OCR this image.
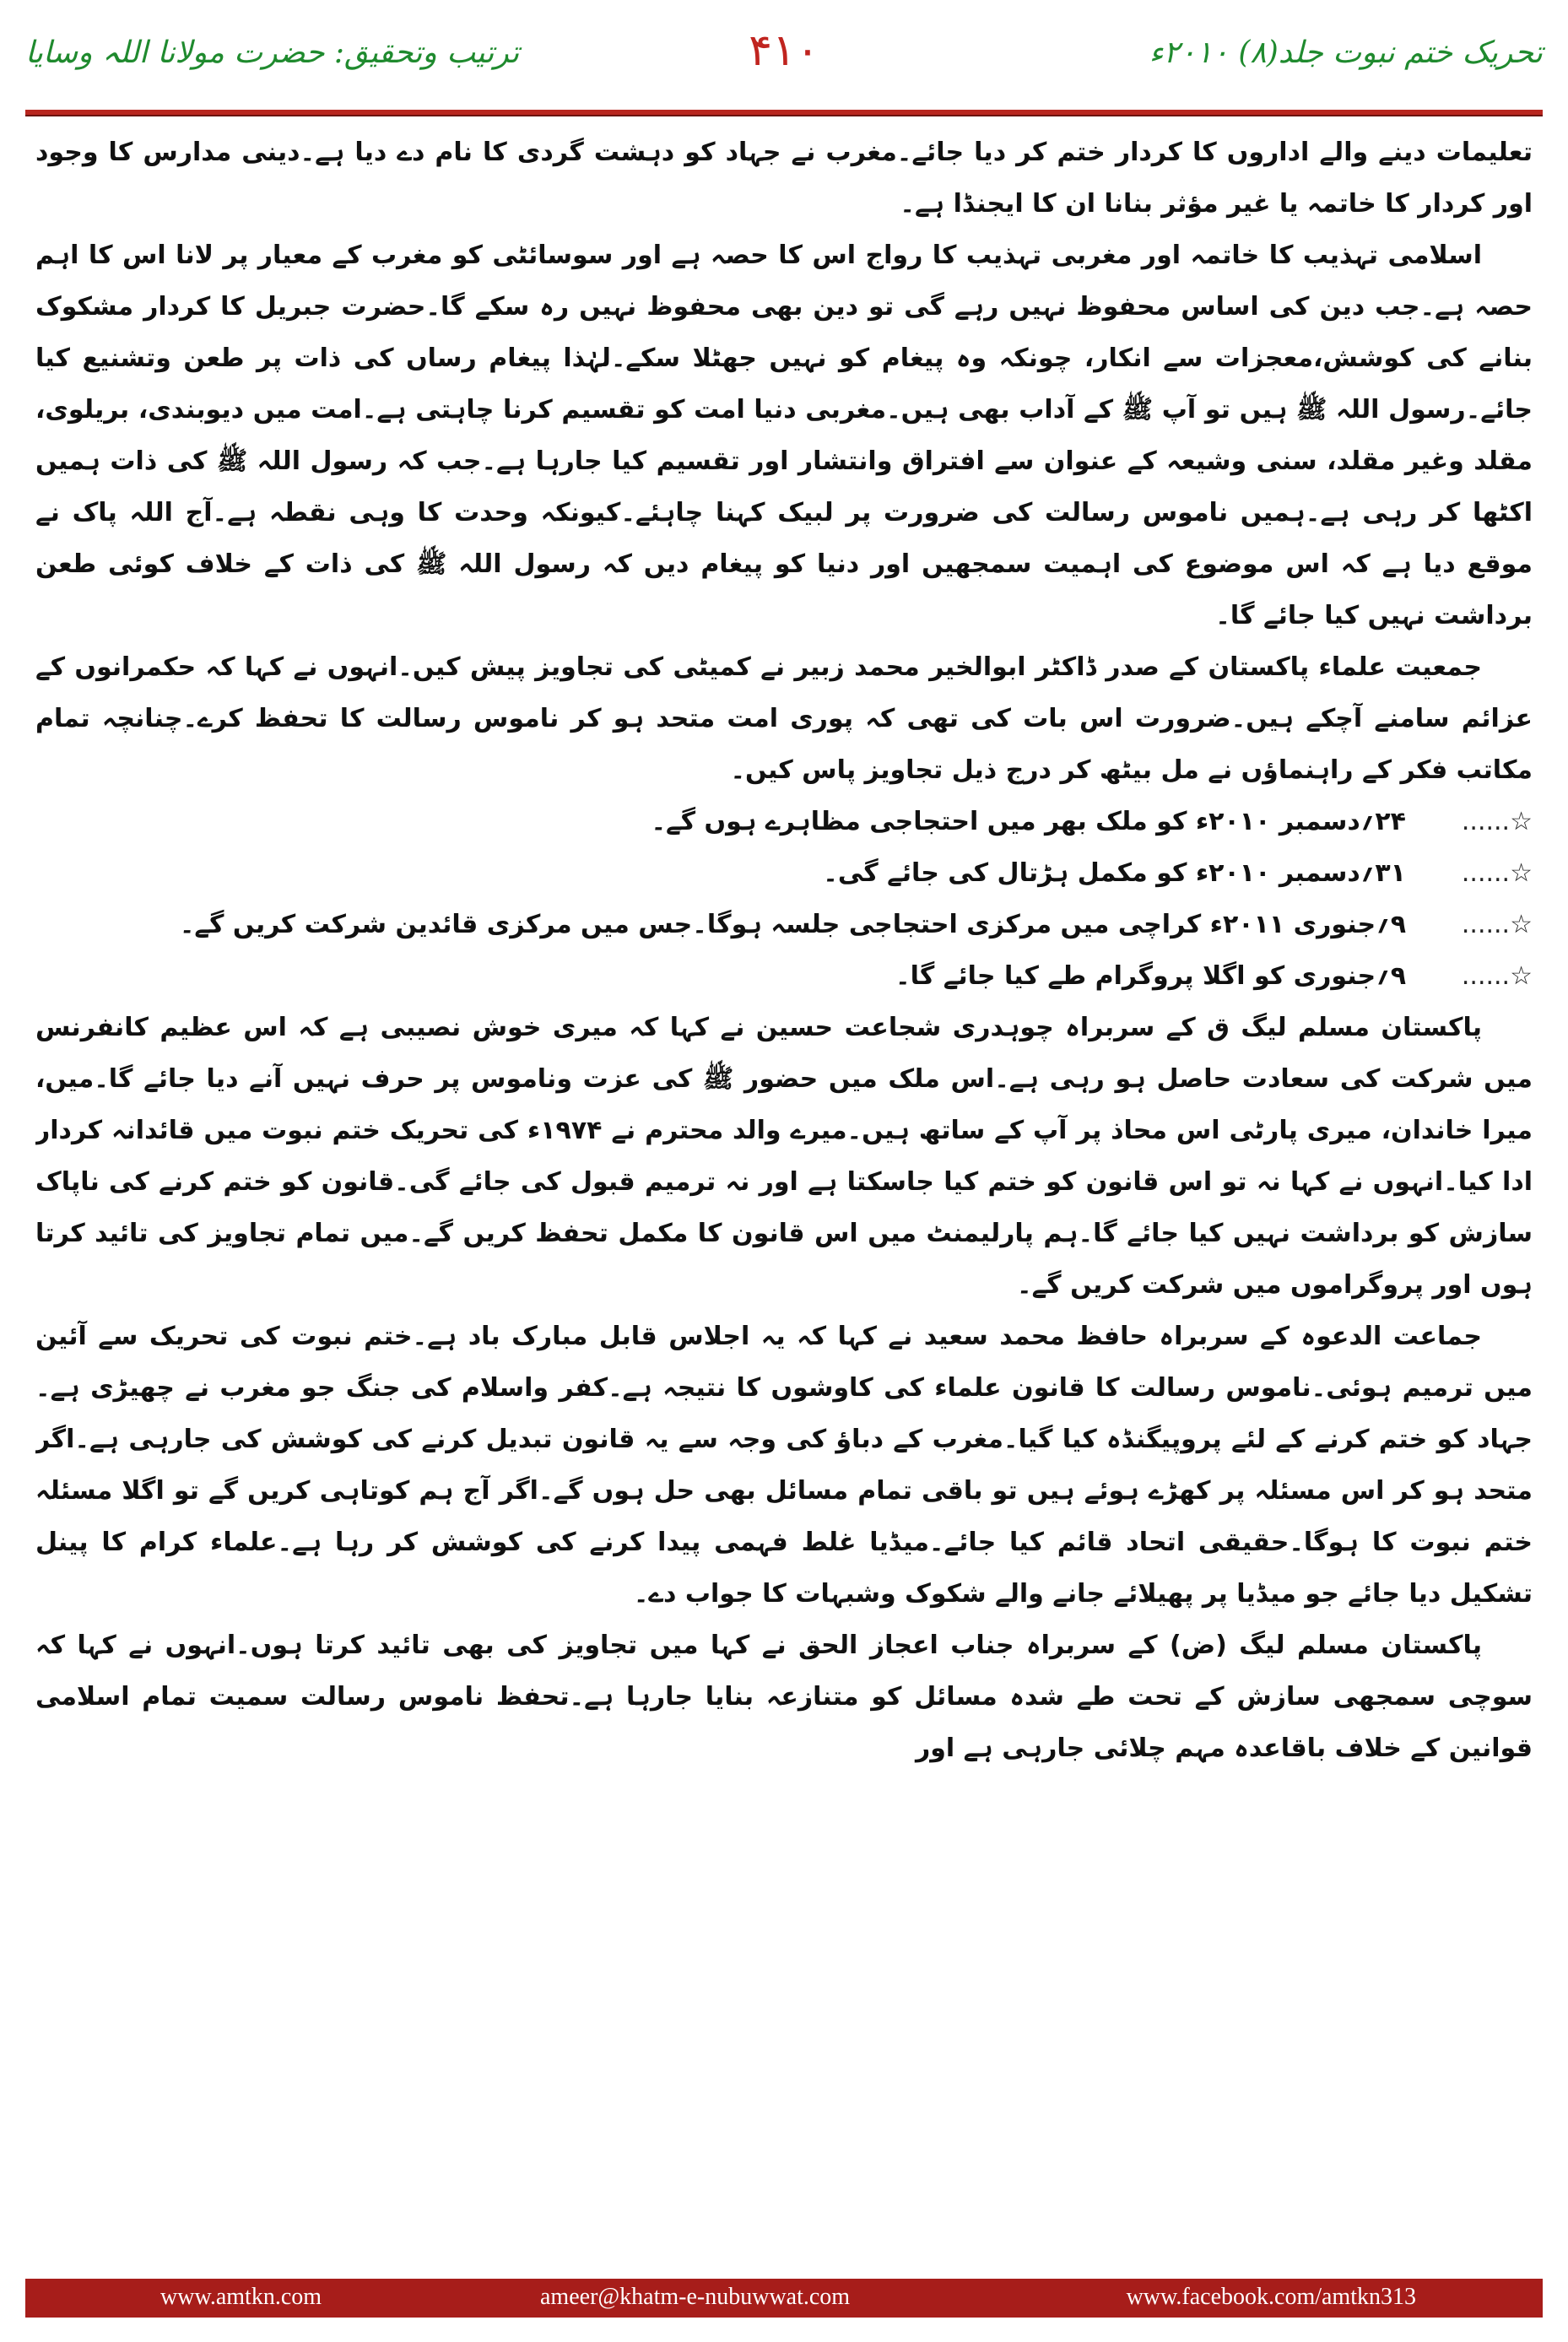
تحریک ختم نبوت جلد(۸) ۲۰۱۰ء
۴۱۰
ترتیب وتحقیق: حضرت مولانا اللہ وسایا

تعلیمات دینے والے اداروں کا کردار ختم کر دیا جائے۔مغرب نے جہاد کو دہشت گردی کا نام دے دیا ہے۔دینی مدارس کا وجود اور کردار کا خاتمہ یا غیر مؤثر بنانا ان کا ایجنڈا ہے۔

اسلامی تہذیب کا خاتمہ اور مغربی تہذیب کا رواج اس کا حصہ ہے اور سوسائٹی کو مغرب کے معیار پر لانا اس کا اہم حصہ ہے۔جب دین کی اساس محفوظ نہیں رہے گی تو دین بھی محفوظ نہیں رہ سکے گا۔حضرت جبریل کا کردار مشکوک بنانے کی کوشش،معجزات سے انکار، چونکہ وہ پیغام کو نہیں جھٹلا سکے۔لہٰذا پیغام رساں کی ذات پر طعن وتشنیع کیا جائے۔رسول اللہ ﷺ ہیں تو آپ ﷺ کے آداب بھی ہیں۔مغربی دنیا امت کو تقسیم کرنا چاہتی ہے۔امت میں دیوبندی، بریلوی، مقلد وغیر مقلد، سنی وشیعہ کے عنوان سے افتراق وانتشار اور تقسیم کیا جارہا ہے۔جب کہ رسول اللہ ﷺ کی ذات ہمیں اکٹھا کر رہی ہے۔ہمیں ناموس رسالت کی ضرورت پر لبیک کہنا چاہئے۔کیونکہ وحدت کا وہی نقطہ ہے۔آج اللہ پاک نے موقع دیا ہے کہ اس موضوع کی اہمیت سمجھیں اور دنیا کو پیغام دیں کہ رسول اللہ ﷺ کی ذات کے خلاف کوئی طعن برداشت نہیں کیا جائے گا۔

جمعیت علماء پاکستان کے صدر ڈاکٹر ابوالخیر محمد زبیر نے کمیٹی کی تجاویز پیش کیں۔انہوں نے کہا کہ حکمرانوں کے عزائم سامنے آچکے ہیں۔ضرورت اس بات کی تھی کہ پوری امت متحد ہو کر ناموس رسالت کا تحفظ کرے۔چنانچہ تمام مکاتب فکر کے راہنماؤں نے مل بیٹھ کر درج ذیل تجاویز پاس کیں۔

☆......
۲۴؍دسمبر ۲۰۱۰ء کو ملک بھر میں احتجاجی مظاہرے ہوں گے۔
☆......
۳۱؍دسمبر ۲۰۱۰ء کو مکمل ہڑتال کی جائے گی۔
☆......
۹؍جنوری ۲۰۱۱ء کراچی میں مرکزی احتجاجی جلسہ ہوگا۔جس میں مرکزی قائدین شرکت کریں گے۔
☆......
۹؍جنوری کو اگلا پروگرام طے کیا جائے گا۔

پاکستان مسلم لیگ ق کے سربراہ چوہدری شجاعت حسین نے کہا کہ میری خوش نصیبی ہے کہ اس عظیم کانفرنس میں شرکت کی سعادت حاصل ہو رہی ہے۔اس ملک میں حضور ﷺ کی عزت وناموس پر حرف نہیں آنے دیا جائے گا۔میں، میرا خاندان، میری پارٹی اس محاذ پر آپ کے ساتھ ہیں۔میرے والد محترم نے ۱۹۷۴ء کی تحریک ختم نبوت میں قائدانہ کردار ادا کیا۔انہوں نے کہا نہ تو اس قانون کو ختم کیا جاسکتا ہے اور نہ ترمیم قبول کی جائے گی۔قانون کو ختم کرنے کی ناپاک سازش کو برداشت نہیں کیا جائے گا۔ہم پارلیمنٹ میں اس قانون کا مکمل تحفظ کریں گے۔میں تمام تجاویز کی تائید کرتا ہوں اور پروگراموں میں شرکت کریں گے۔

جماعت الدعوہ کے سربراہ حافظ محمد سعید نے کہا کہ یہ اجلاس قابل مبارک باد ہے۔ختم نبوت کی تحریک سے آئین میں ترمیم ہوئی۔ناموس رسالت کا قانون علماء کی کاوشوں کا نتیجہ ہے۔کفر واسلام کی جنگ جو مغرب نے چھیڑی ہے۔جہاد کو ختم کرنے کے لئے پروپیگنڈہ کیا گیا۔مغرب کے دباؤ کی وجہ سے یہ قانون تبدیل کرنے کی کوشش کی جارہی ہے۔اگر متحد ہو کر اس مسئلہ پر کھڑے ہوئے ہیں تو باقی تمام مسائل بھی حل ہوں گے۔اگر آج ہم کوتاہی کریں گے تو اگلا مسئلہ ختم نبوت کا ہوگا۔حقیقی اتحاد قائم کیا جائے۔میڈیا غلط فہمی پیدا کرنے کی کوشش کر رہا ہے۔علماء کرام کا پینل تشکیل دیا جائے جو میڈیا پر پھیلائے جانے والے شکوک وشبہات کا جواب دے۔

پاکستان مسلم لیگ (ض) کے سربراہ جناب اعجاز الحق نے کہا میں تجاویز کی بھی تائید کرتا ہوں۔انہوں نے کہا کہ سوچی سمجھی سازش کے تحت طے شدہ مسائل کو متنازعہ بنایا جارہا ہے۔تحفظ ناموس رسالت سمیت تمام اسلامی قوانین کے خلاف باقاعدہ مہم چلائی جارہی ہے اور

www.amtkn.com	ameer@khatm-e-nubuwwat.com	www.facebook.com/amtkn313
